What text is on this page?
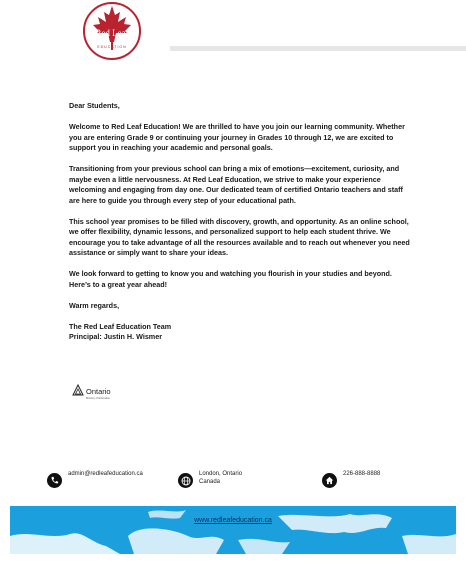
Red Leaf
EDUCATION

Dear Students,

Welcome to Red Leaf Education! We are thrilled to have you join our learning community. Whether you are entering Grade 9 or continuing your journey in Grades 10 through 12, we are excited to support you in reaching your academic and personal goals.

Transitioning from your previous school can bring a mix of emotions—excitement, curiosity, and maybe even a little nervousness. At Red Leaf Education, we strive to make your experience welcoming and engaging from day one. Our dedicated team of certified Ontario teachers and staff are here to guide you through every step of your educational path.

This school year promises to be filled with discovery, growth, and opportunity. As an online school, we offer flexibility, dynamic lessons, and personalized support to help each student thrive. We encourage you to take advantage of all the resources available and to reach out whenever you need assistance or simply want to share your ideas.

We look forward to getting to know you and watching you flourish in your studies and beyond. Here’s to a great year ahead!

Warm regards,

The Red Leaf Education Team
Principal: Justin H. Wismer

Ontario
Ministry of Education
admin@redleafeducation.ca	London, Ontario
Canada
226-888-8888
www.redleafeducation.ca
